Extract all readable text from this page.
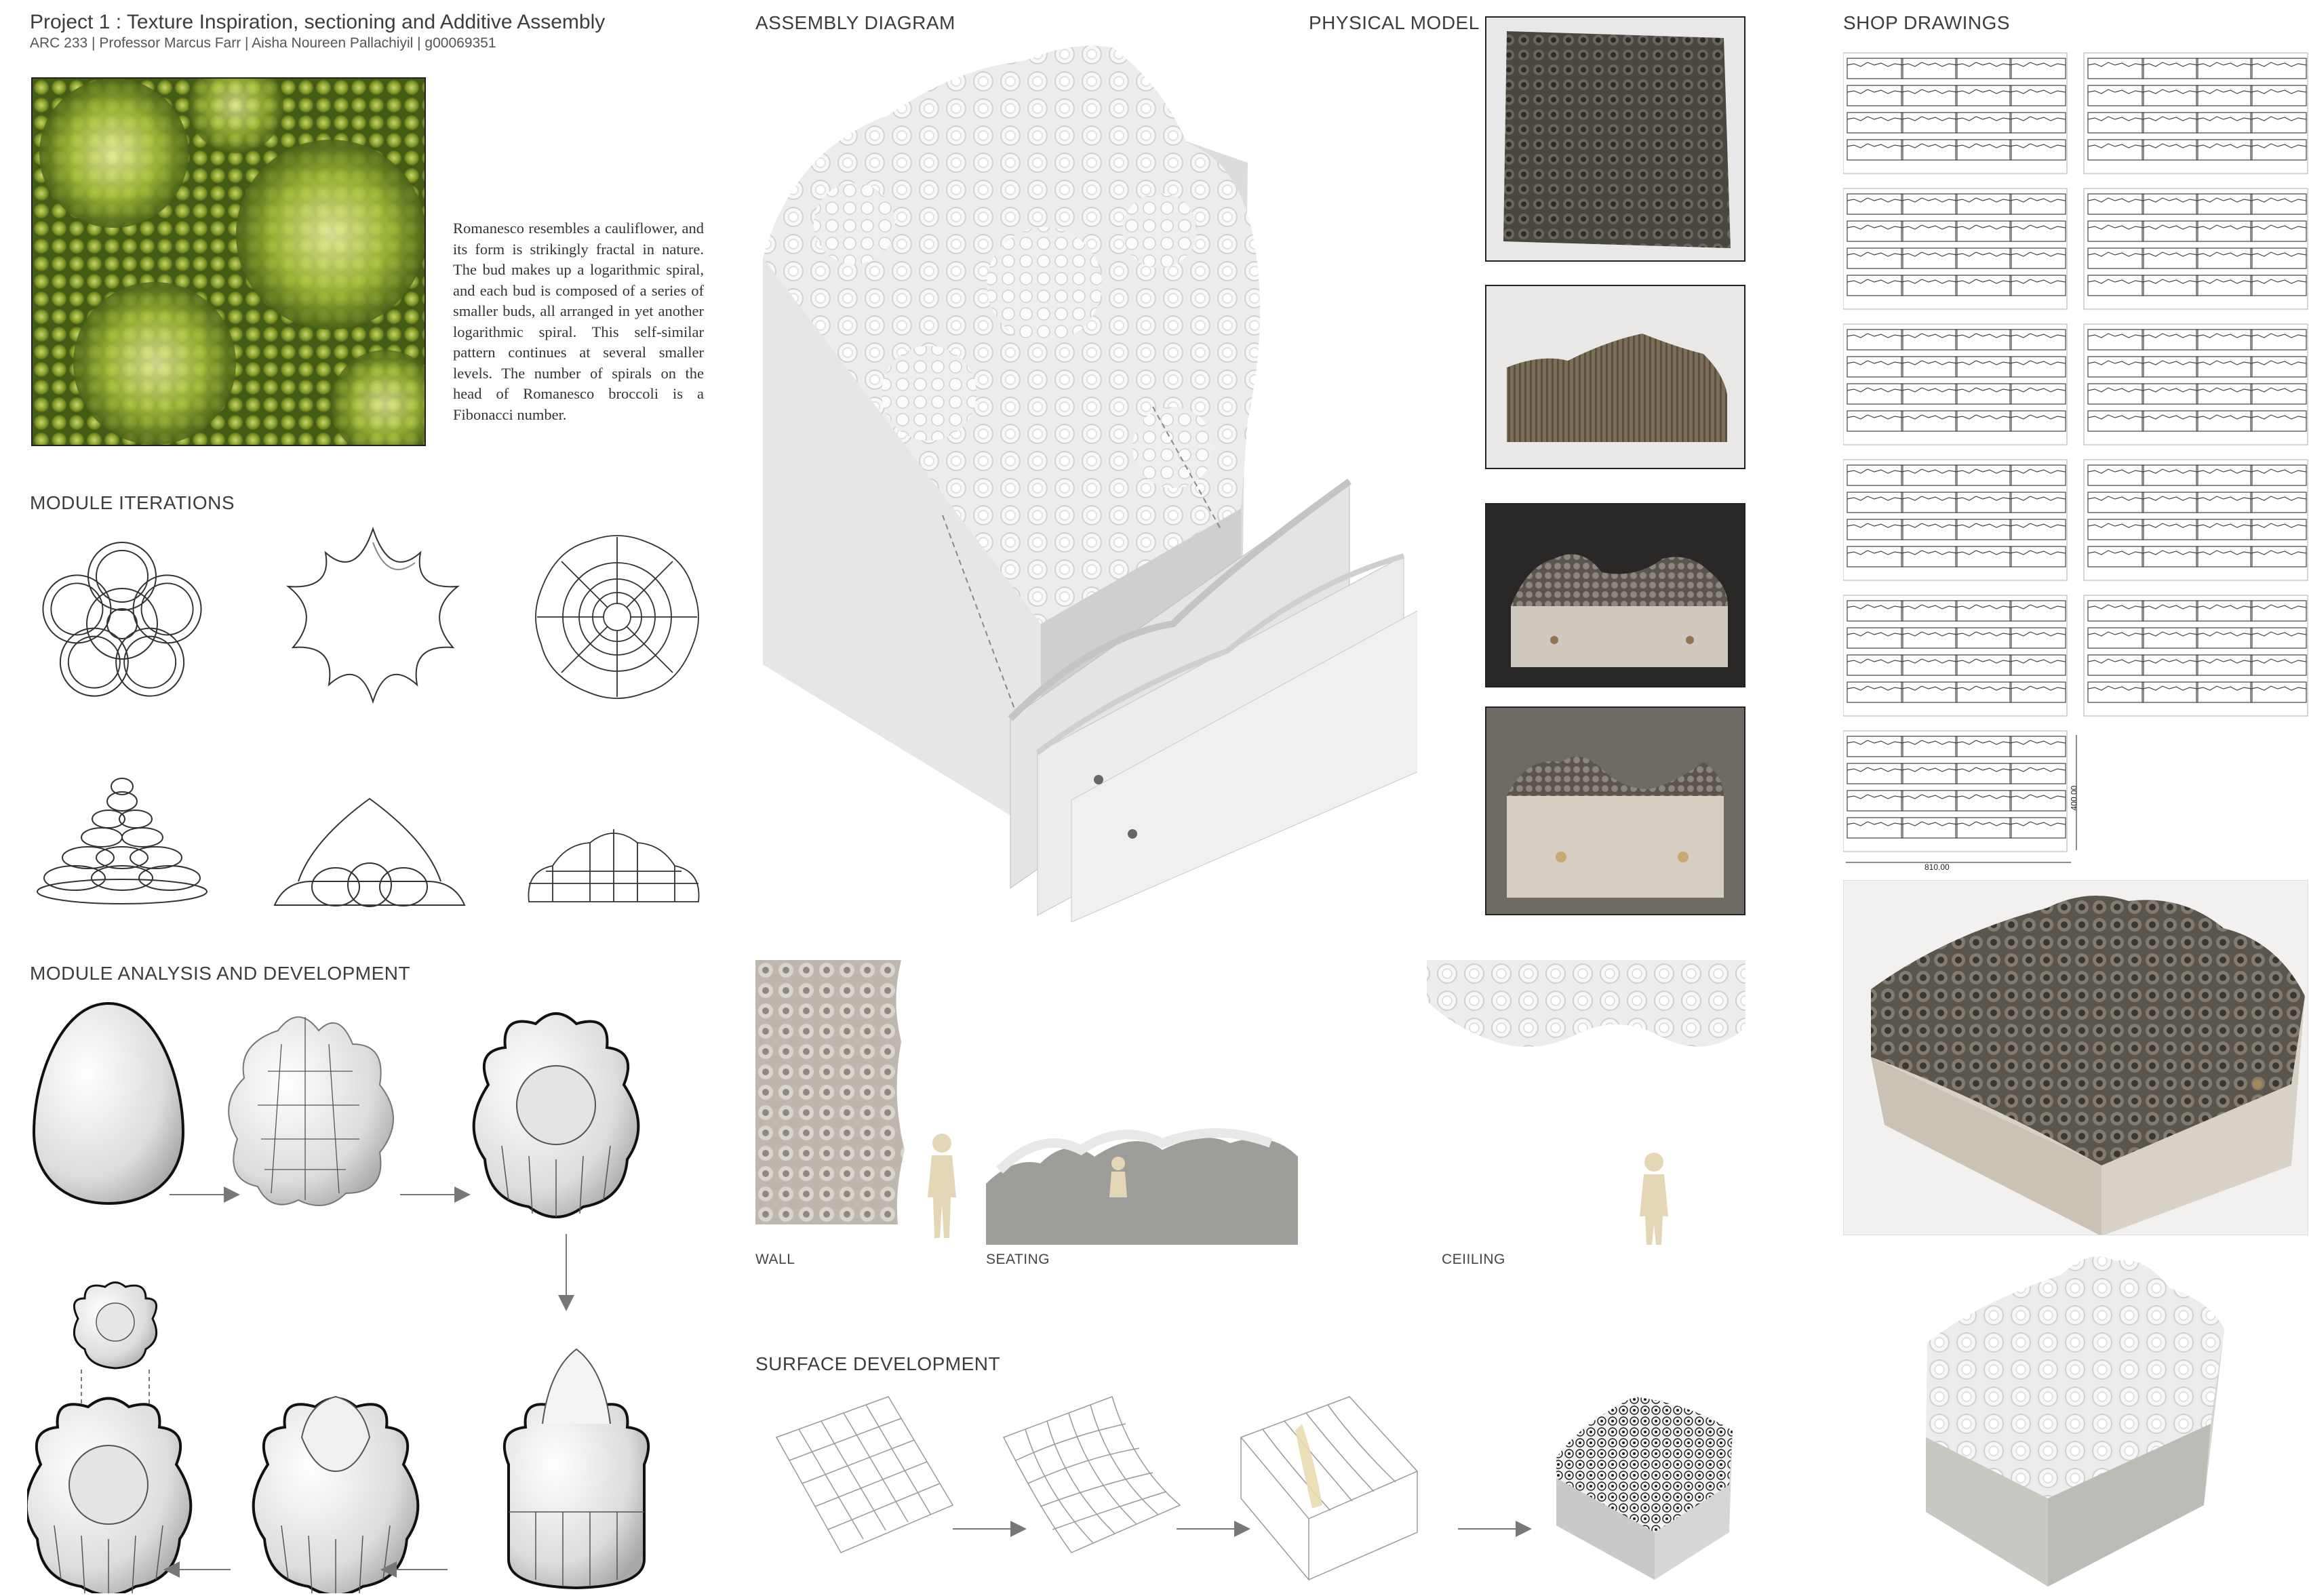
Project 1 : Texture Inspiration, sectioning and Additive Assembly
ARC 233 | Professor Marcus Farr | Aisha Noureen Pallachiyil | g00069351
Romanesco resembles a cauliflower, and its form is strikingly fractal in nature. The bud makes up a logarithmic spiral, and each bud is composed of a series of smaller buds, all arranged in yet another logarithmic spiral. This self-similar pattern continues at several smaller levels. The number of spirals on the head of Romanesco broccoli is a Fibonacci number.
MODULE ITERATIONS
MODULE ANALYSIS AND DEVELOPMENT
ASSEMBLY DIAGRAM	PHYSICAL MODEL	SHOP DRAWINGS
810.00
400.00
WALL	SEATING	CEIILING
SURFACE DEVELOPMENT
